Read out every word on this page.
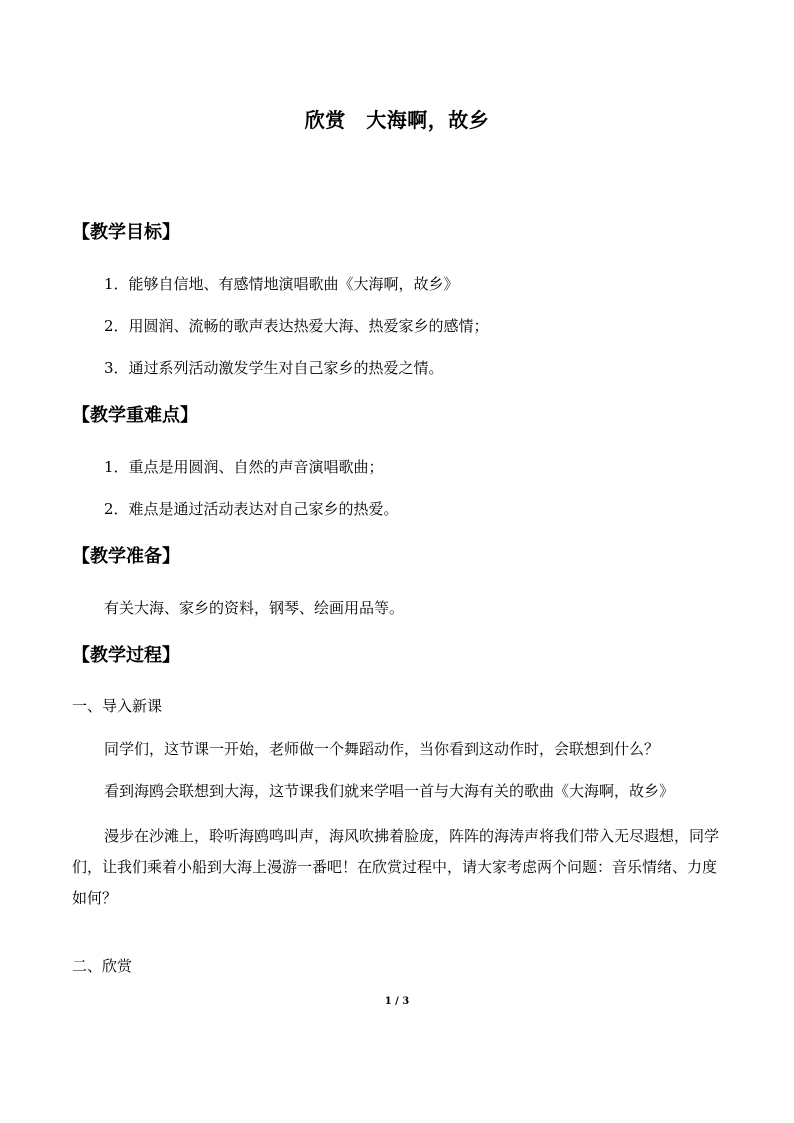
欣赏　大海啊，故乡
【教学目标】
1．能够自信地、有感情地演唱歌曲《大海啊，故乡》
2．用圆润、流畅的歌声表达热爱大海、热爱家乡的感情；
3．通过系列活动激发学生对自己家乡的热爱之情。
【教学重难点】
1．重点是用圆润、自然的声音演唱歌曲；
2．难点是通过活动表达对自己家乡的热爱。
【教学准备】
有关大海、家乡的资料，钢琴、绘画用品等。
【教学过程】
一、导入新课
同学们，这节课一开始，老师做一个舞蹈动作，当你看到这动作时，会联想到什么？
看到海鸥会联想到大海，这节课我们就来学唱一首与大海有关的歌曲《大海啊，故乡》
漫步在沙滩上，聆听海鸥鸣叫声，海风吹拂着脸庞，阵阵的海涛声将我们带入无尽遐想，同学们，让我们乘着小船到大海上漫游一番吧！在欣赏过程中，请大家考虑两个问题：音乐情绪、力度如何？
二、欣赏
1 / 3
